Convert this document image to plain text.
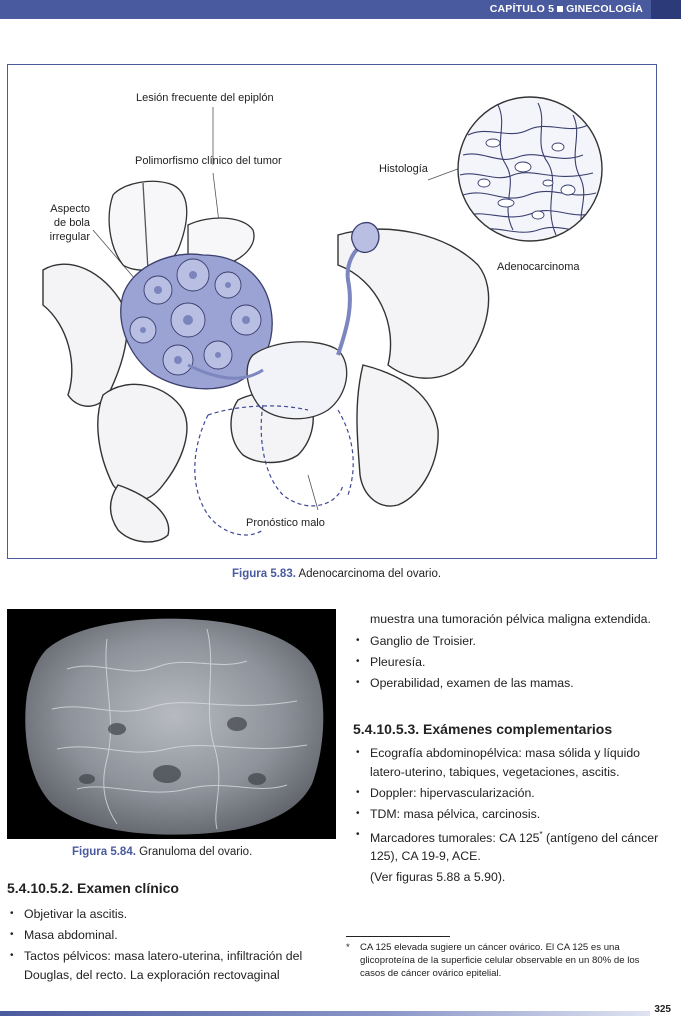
CAPÍTULO 5 GINECOLOGÍA
Lesión frecuente del epiplón
Polimorfismo clínico del tumor
Histología
Aspecto de bola irregular
Adenocarcinoma
Pronóstico malo
Figura 5.83. Adenocarcinoma del ovario.
Figura 5.84. Granuloma del ovario.
5.4.10.5.2. Examen clínico
• Objetivar la ascitis.
• Masa abdominal.
• Tactos pélvicos: masa latero-uterina, infiltración del Douglas, del recto. La exploración rectovaginal
muestra una tumoración pélvica maligna extendida.
• Ganglio de Troisier.
• Pleuresía.
• Operabilidad, examen de las mamas.
5.4.10.5.3. Exámenes complementarios
• Ecografía abdominopélvica: masa sólida y líquido latero-uterino, tabiques, vegetaciones, ascitis.
• Doppler: hipervascularización.
• TDM: masa pélvica, carcinosis.
• Marcadores tumorales: CA 125* (antígeno del cáncer 125), CA 19-9, ACE.
(Ver figuras 5.88 a 5.90).
*	CA 125 elevada sugiere un cáncer ovárico. El CA 125 es una glicoproteína de la superficie celular observable en un 80% de los casos de cáncer ovárico epitelial.
325
